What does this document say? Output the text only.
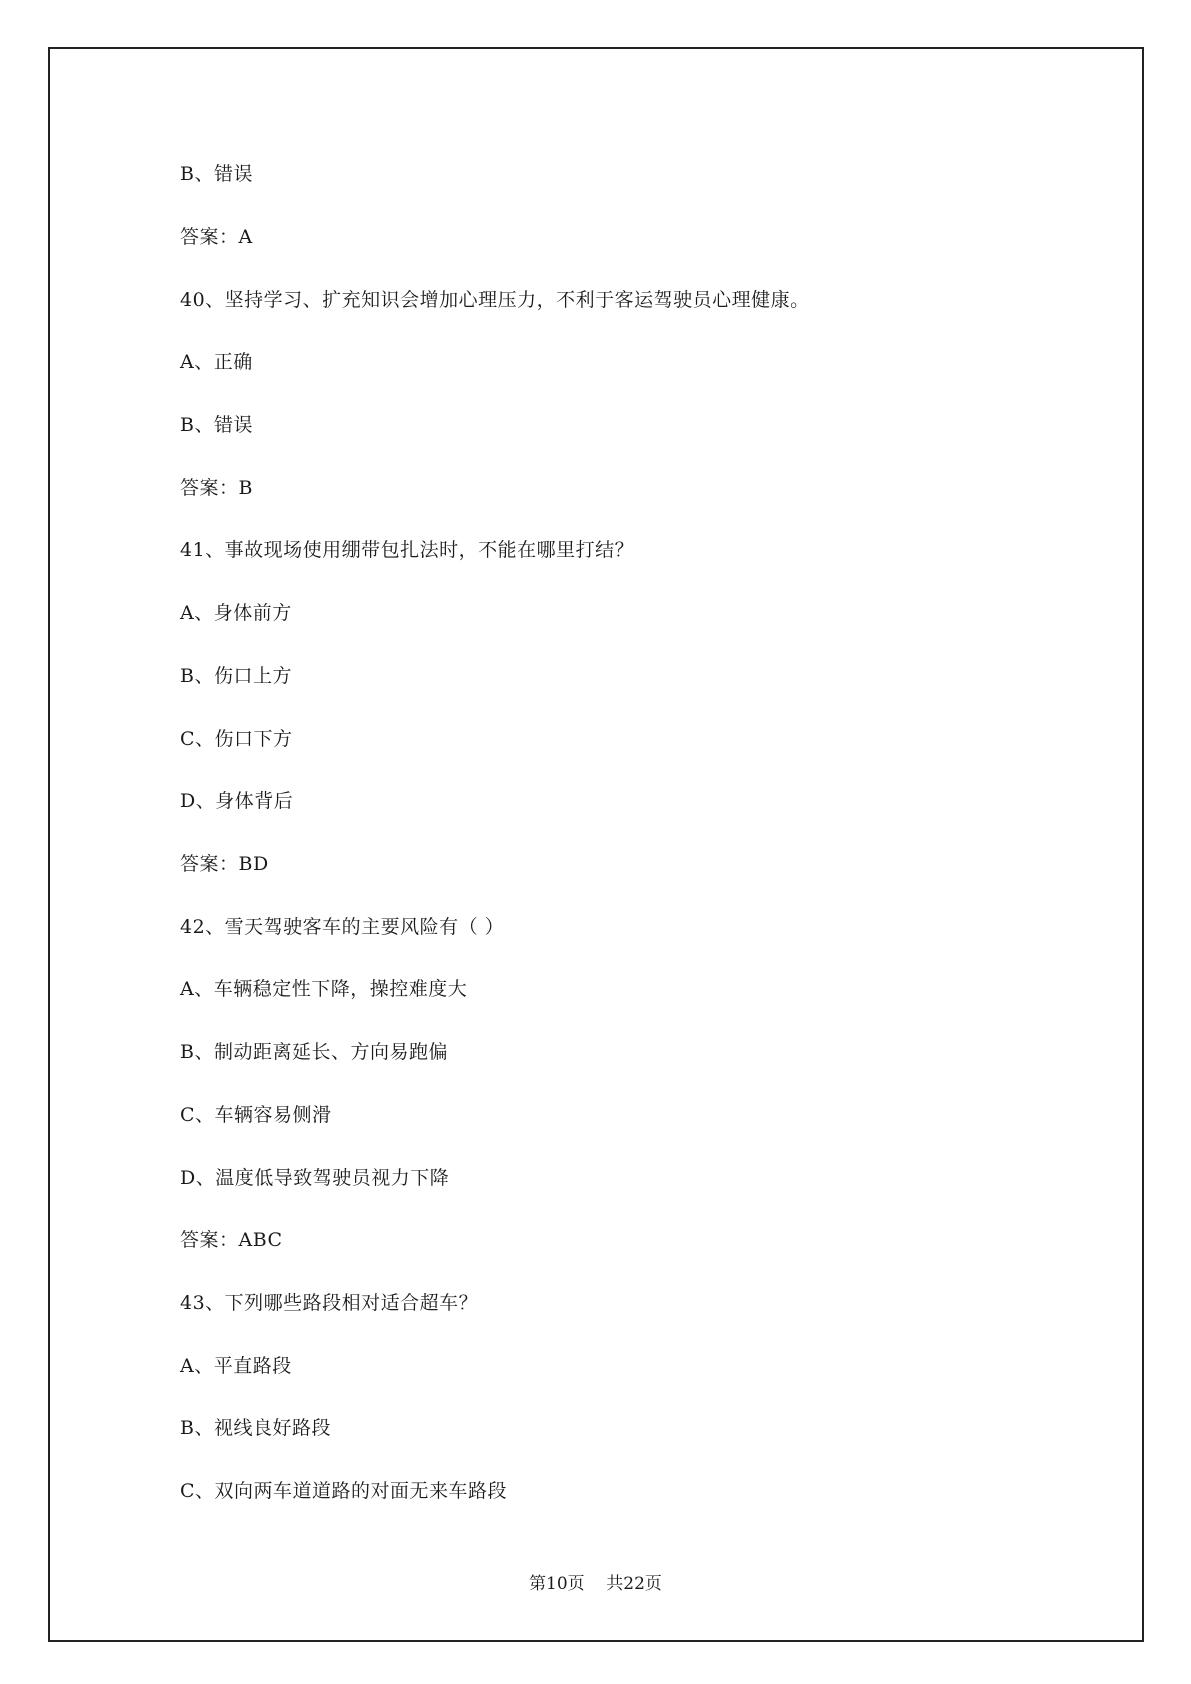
B、错误
答案：A
40、坚持学习、扩充知识会增加心理压力，不利于客运驾驶员心理健康。
A、正确
B、错误
答案：B
41、事故现场使用绷带包扎法时，不能在哪里打结？
A、身体前方
B、伤口上方
C、伤口下方
D、身体背后
答案：BD
42、雪天驾驶客车的主要风险有（ ）
A、车辆稳定性下降，操控难度大
B、制动距离延长、方向易跑偏
C、车辆容易侧滑
D、温度低导致驾驶员视力下降
答案：ABC
43、下列哪些路段相对适合超车？
A、平直路段
B、视线良好路段
C、双向两车道道路的对面无来车路段
第10页    共22页
